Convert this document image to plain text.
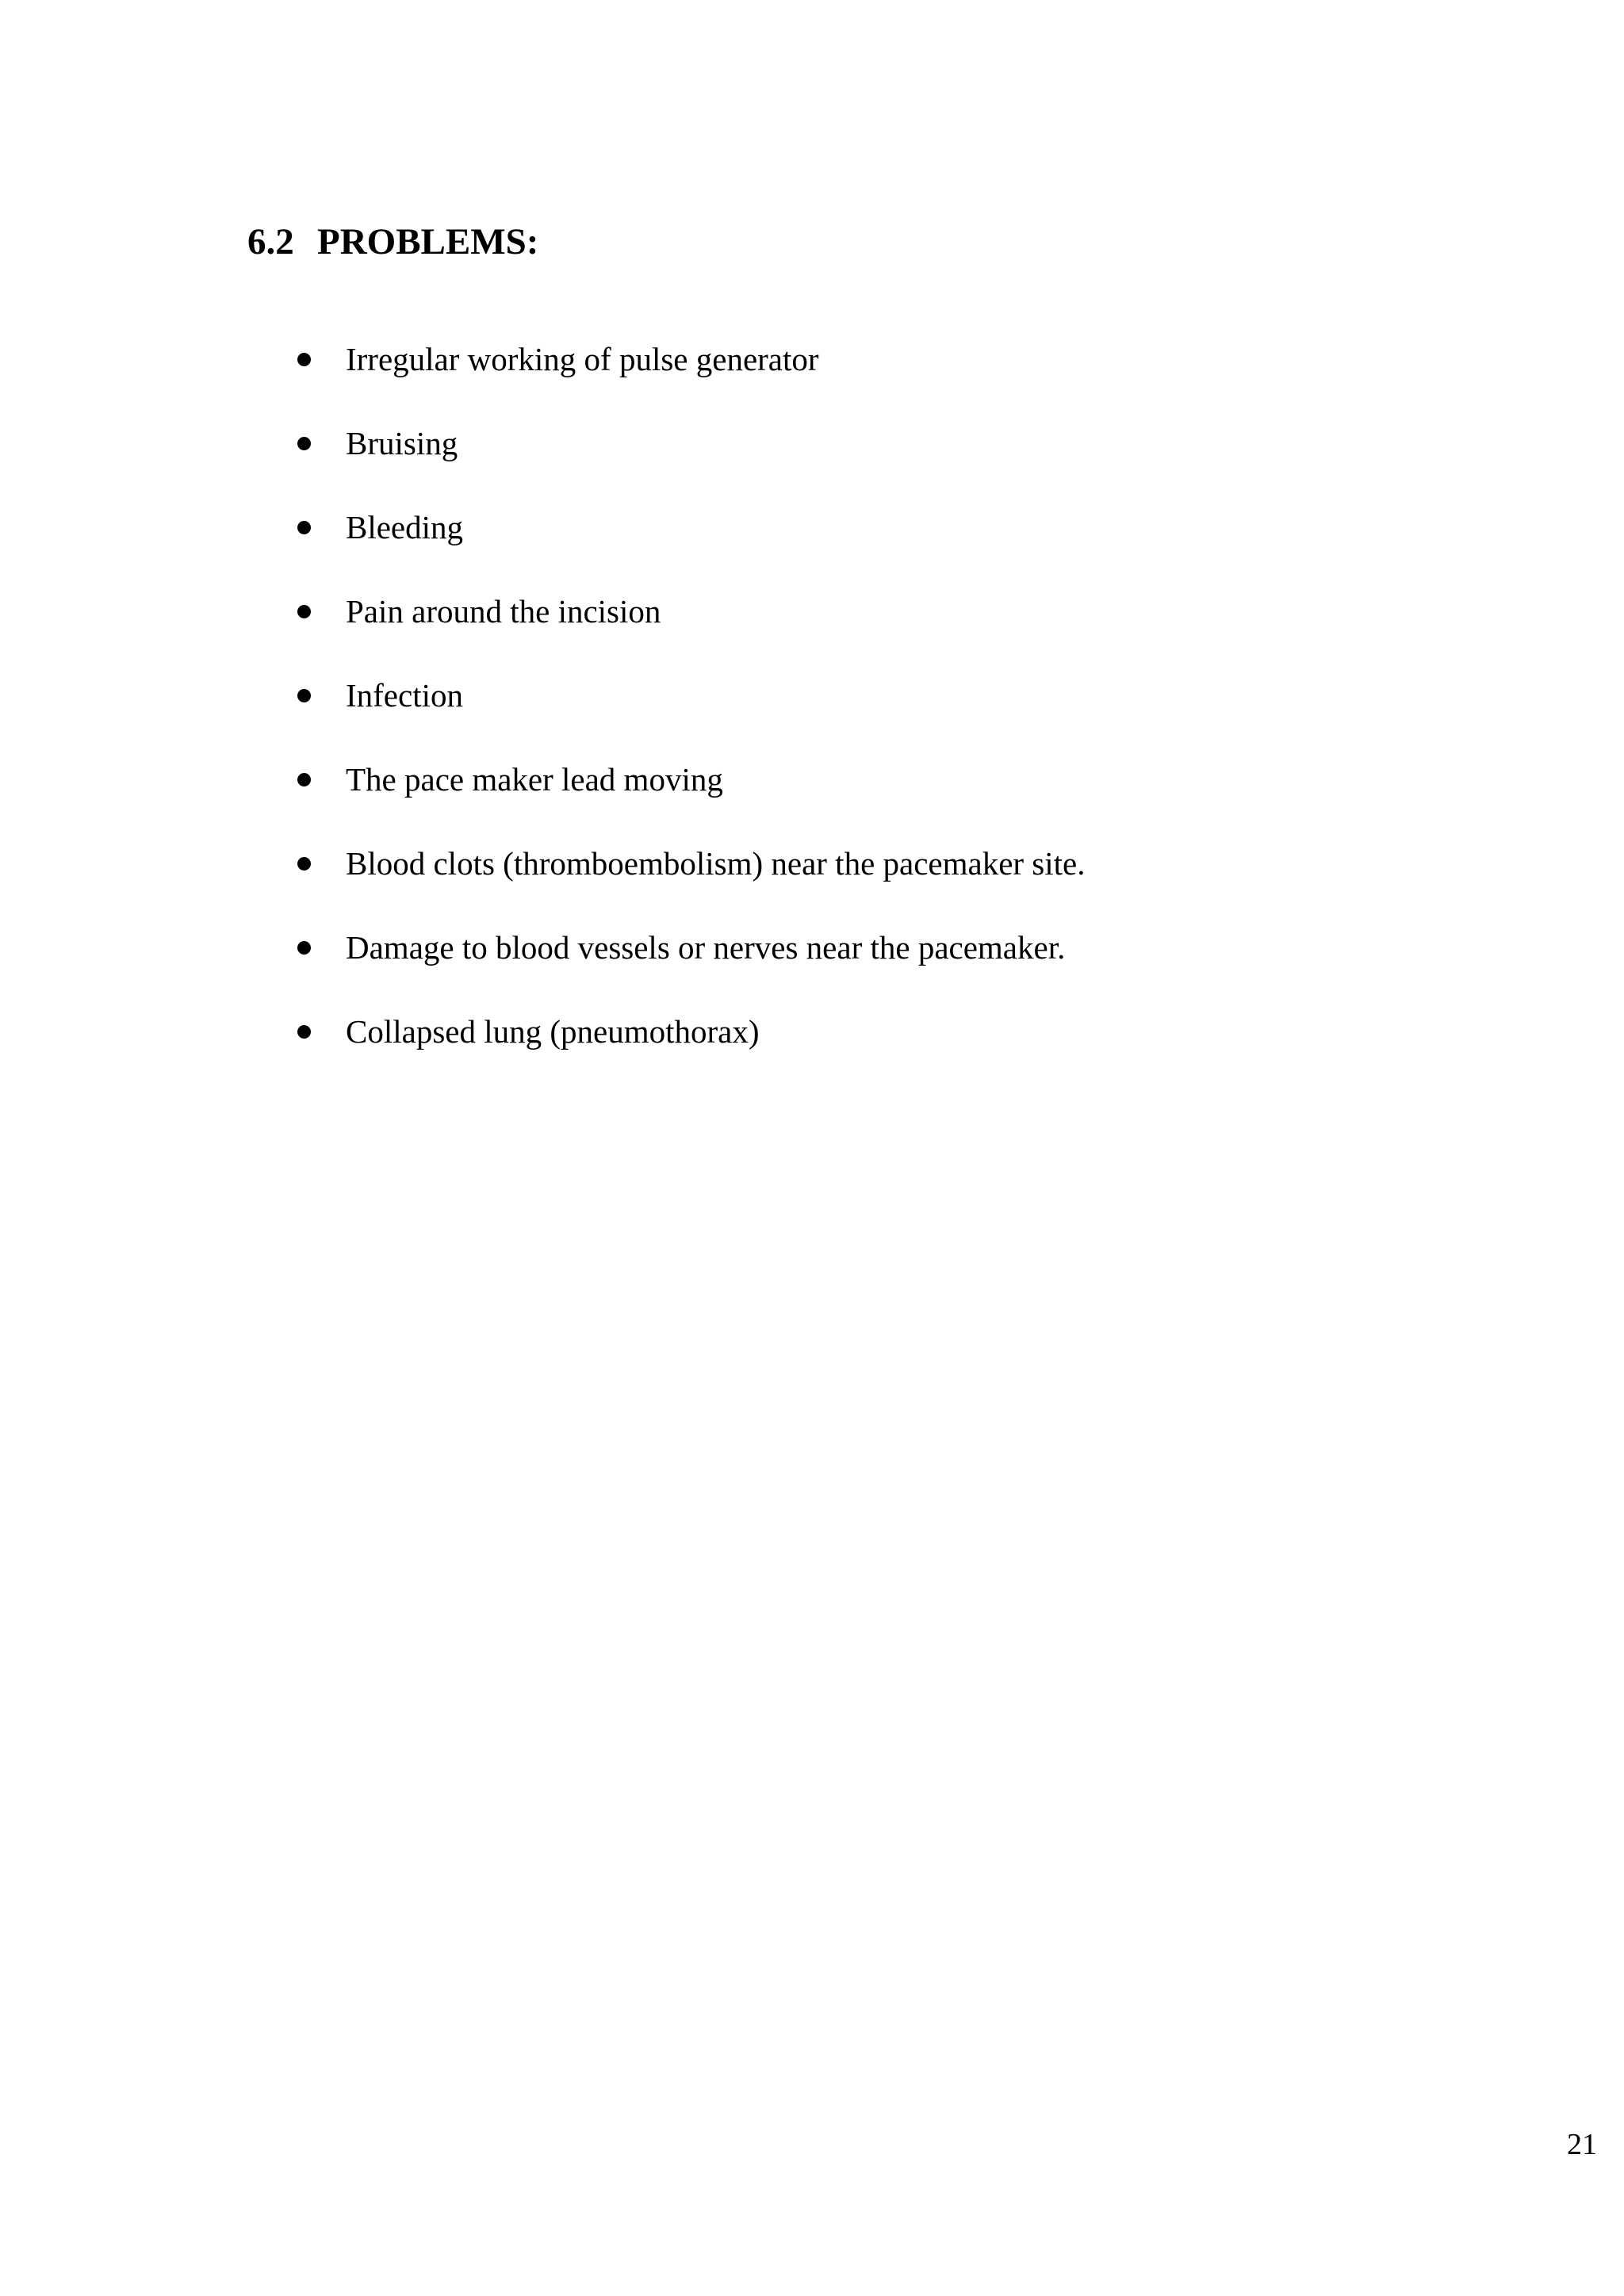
6.2 PROBLEMS:
Irregular working of pulse generator
Bruising
Bleeding
Pain around the incision
Infection
The pace maker lead moving
Blood clots (thromboembolism) near the pacemaker site.
Damage to blood vessels or nerves near the pacemaker.
Collapsed lung (pneumothorax)
21
